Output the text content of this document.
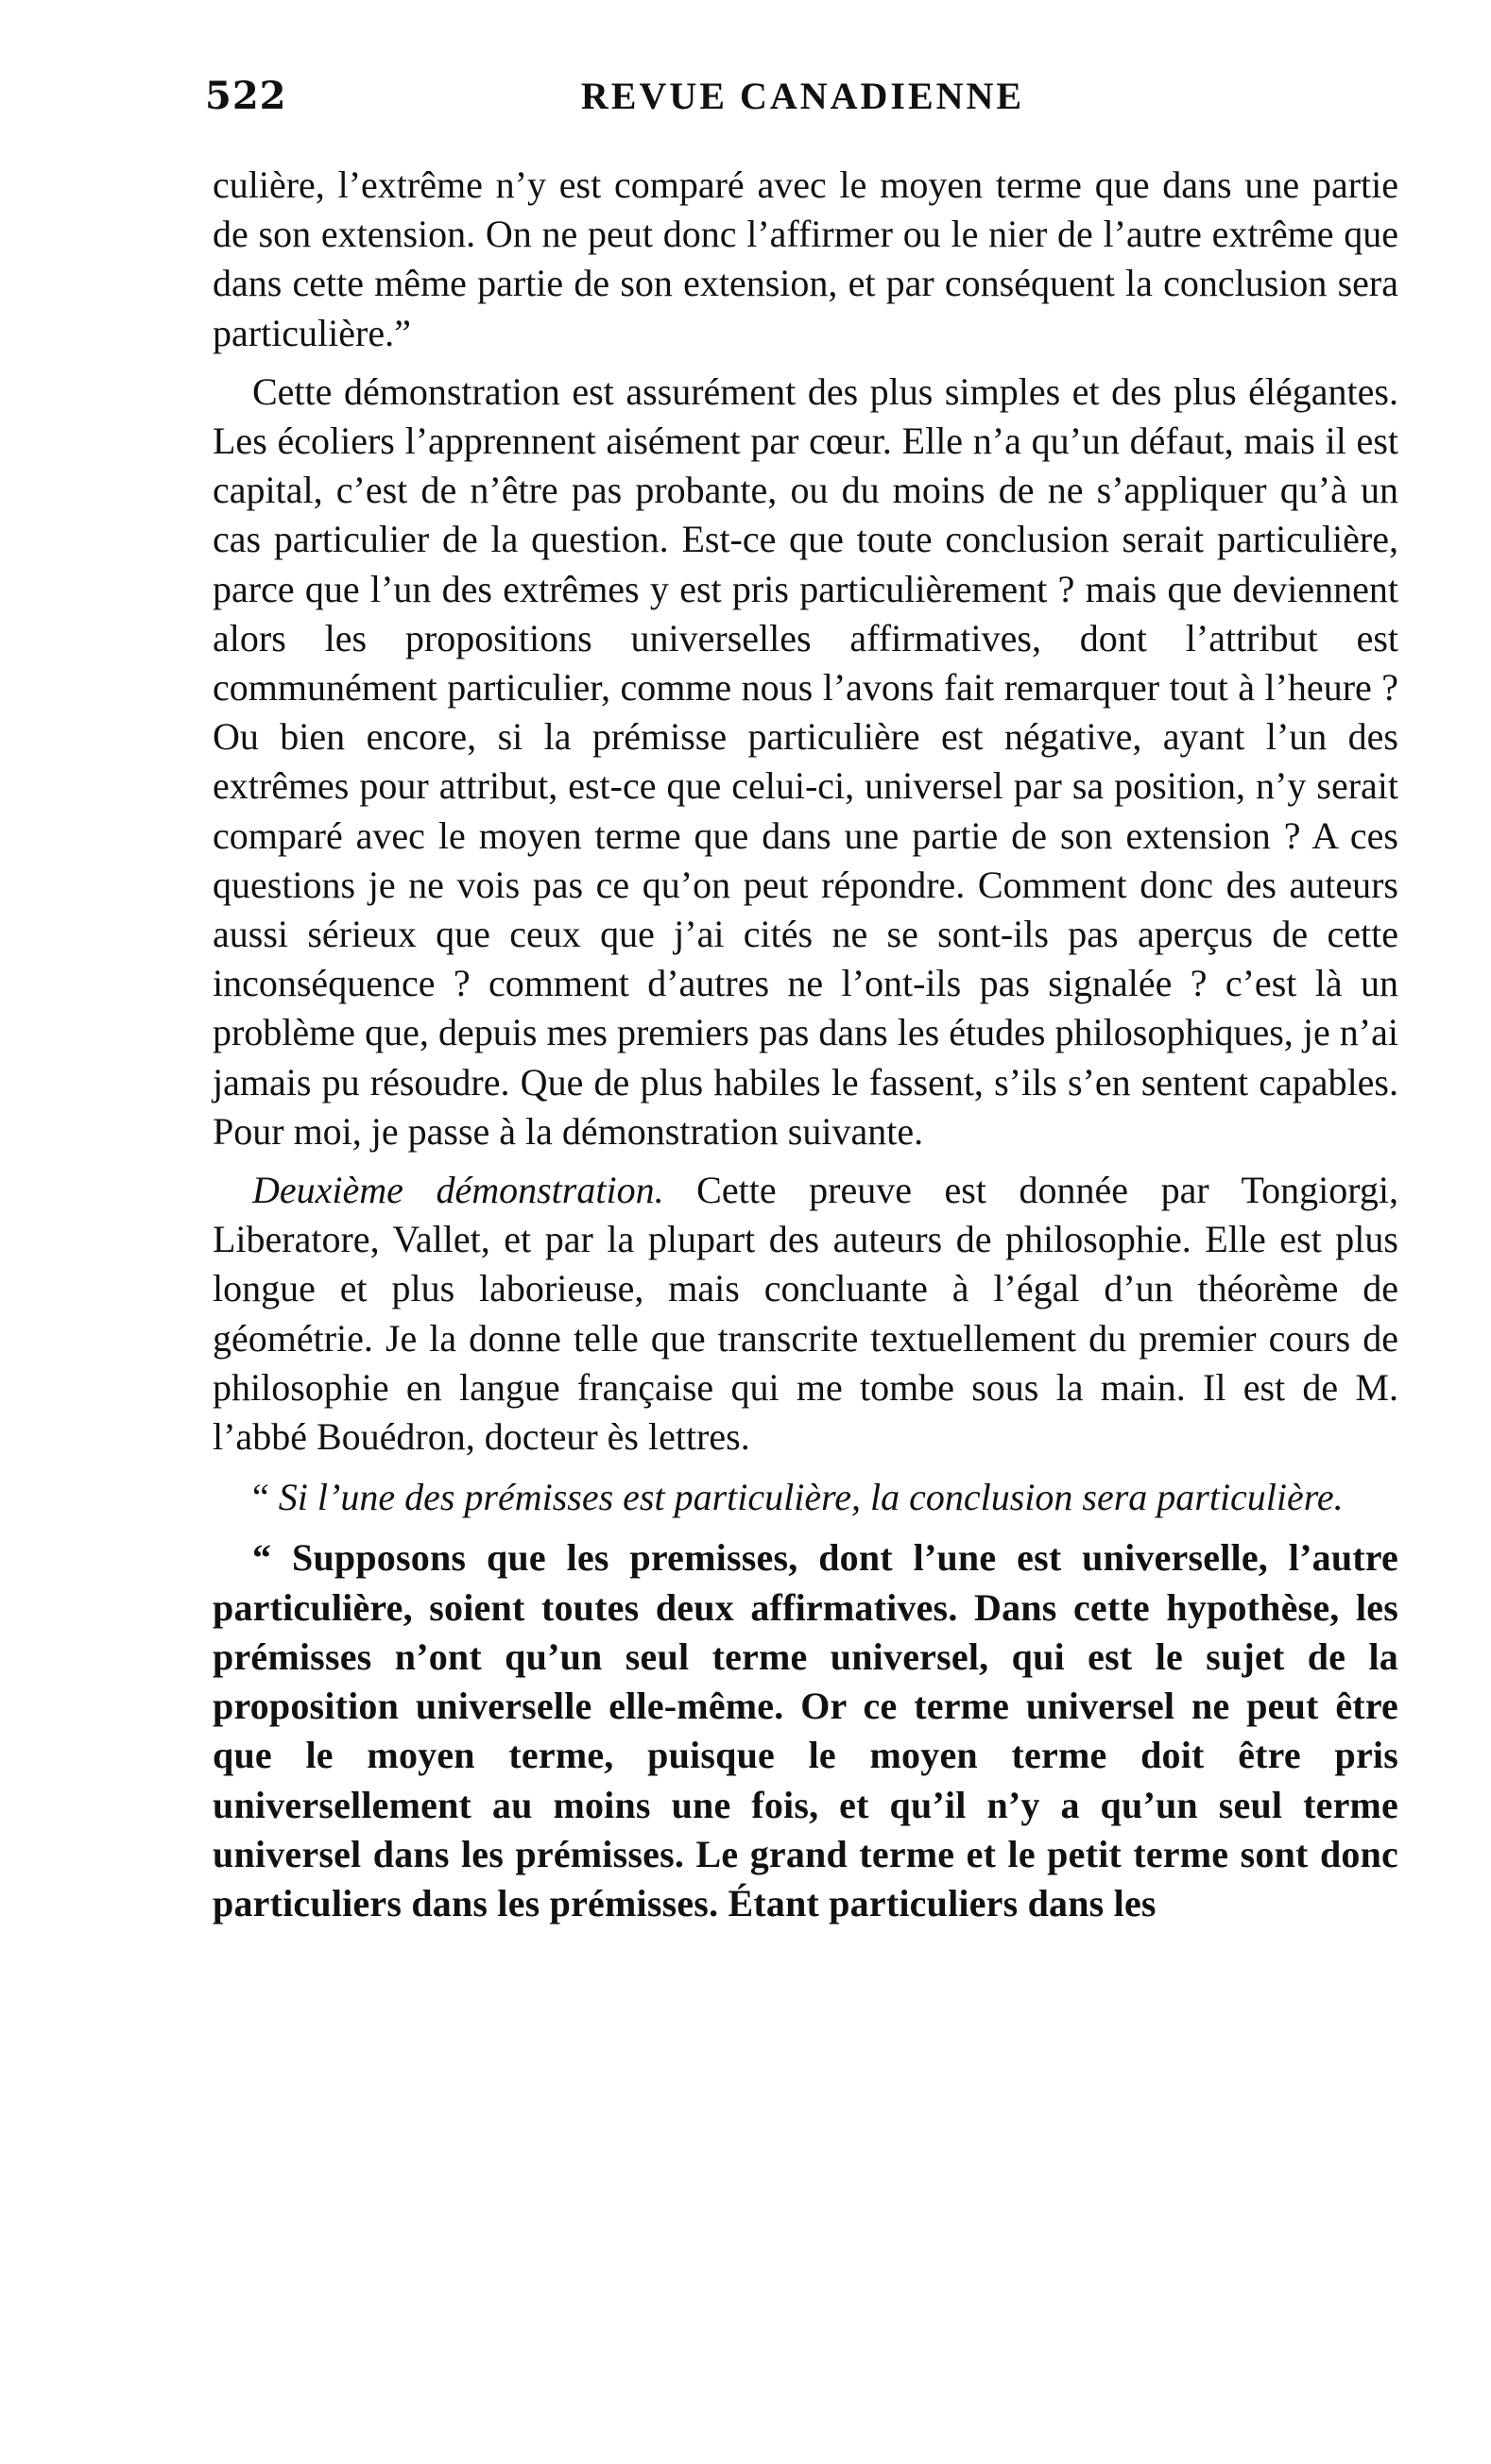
522	REVUE CANADIENNE

culière, l’extrême n’y est comparé avec le moyen terme que dans une partie de son extension. On ne peut donc l’affirmer ou le nier de l’autre extrême que dans cette même partie de son extension, et par conséquent la conclusion sera particulière.”

Cette démonstration est assurément des plus simples et des plus élégantes. Les écoliers l’apprennent aisément par cœur. Elle n’a qu’un défaut, mais il est capital, c’est de n’être pas probante, ou du moins de ne s’appliquer qu’à un cas particulier de la question. Est-ce que toute conclusion serait particulière, parce que l’un des extrêmes y est pris particulièrement ? mais que deviennent alors les propositions universelles affirmatives, dont l’attribut est communément particulier, comme nous l’avons fait remarquer tout à l’heure ? Ou bien encore, si la prémisse particulière est négative, ayant l’un des extrêmes pour attribut, est-ce que celui-ci, universel par sa position, n’y serait comparé avec le moyen terme que dans une partie de son extension ? A ces questions je ne vois pas ce qu’on peut répondre. Comment donc des auteurs aussi sérieux que ceux que j’ai cités ne se sont-ils pas aperçus de cette inconséquence ? comment d’autres ne l’ont-ils pas signalée ? c’est là un problème que, depuis mes premiers pas dans les études philosophiques, je n’ai jamais pu résoudre. Que de plus habiles le fassent, s’ils s’en sentent capables. Pour moi, je passe à la démonstration suivante.

Deuxième démonstration. Cette preuve est donnée par Tongiorgi, Liberatore, Vallet, et par la plupart des auteurs de philosophie. Elle est plus longue et plus laborieuse, mais concluante à l’égal d’un théorème de géométrie. Je la donne telle que transcrite textuellement du premier cours de philosophie en langue française qui me tombe sous la main. Il est de M. l’abbé Bouédron, docteur ès lettres.

“ Si l’une des prémisses est particulière, la conclusion sera particulière.

“ Supposons que les premisses, dont l’une est universelle, l’autre particulière, soient toutes deux affirmatives. Dans cette hypothèse, les prémisses n’ont qu’un seul terme universel, qui est le sujet de la proposition universelle elle-même. Or ce terme universel ne peut être que le moyen terme, puisque le moyen terme doit être pris universellement au moins une fois, et qu’il n’y a qu’un seul terme universel dans les prémisses. Le grand terme et le petit terme sont donc particuliers dans les prémisses. Étant particuliers dans les
